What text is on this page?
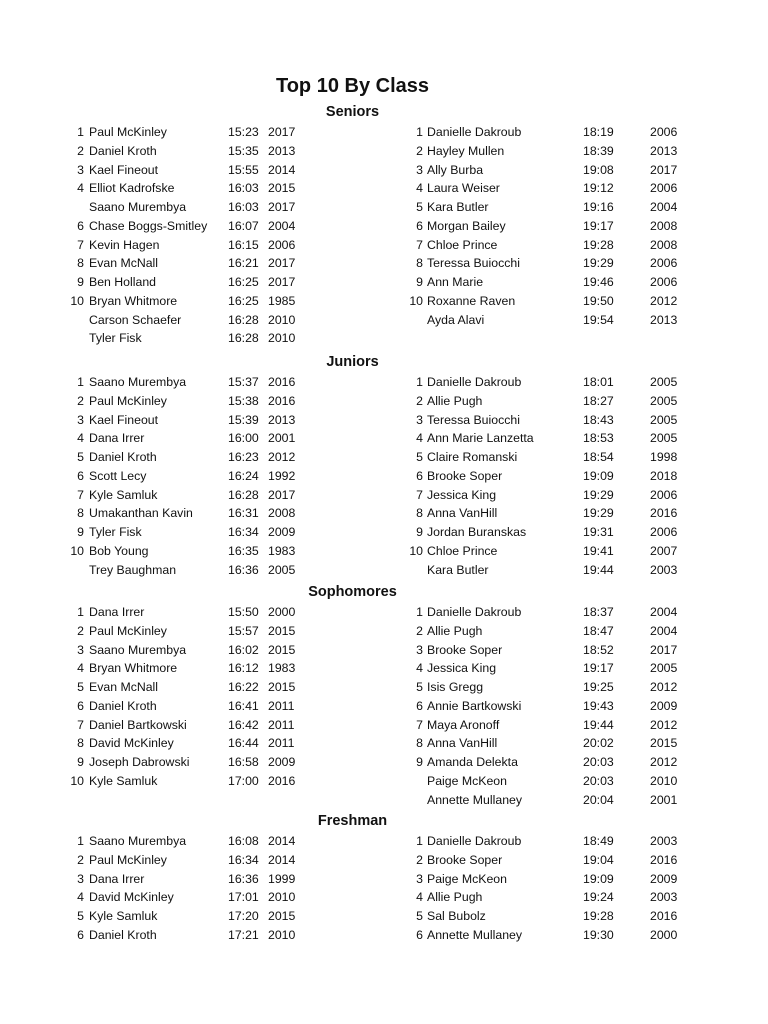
Top 10 By Class
Seniors
1 Paul McKinley	15:23 2017
2 Daniel Kroth	15:35 2013
3 Kael Fineout	15:55 2014
4 Elliot Kadrofske	16:03 2015
Saano Murembya	16:03 2017
6 Chase Boggs-Smitley 16:07 2004
7 Kevin Hagen	16:15 2006
8 Evan McNall	16:21 2017
9 Ben Holland	16:25 2017
10 Bryan Whitmore	16:25 1985
Carson Schaefer	16:28 2010
Tyler Fisk	16:28 2010
1 Danielle Dakroub	18:19	2006
2 Hayley Mullen	18:39	2013
3 Ally Burba	19:08	2017
4 Laura Weiser	19:12	2006
5 Kara Butler	19:16	2004
6 Morgan Bailey	19:17	2008
7 Chloe Prince	19:28	2008
8 Teressa Buiocchi	19:29	2006
9 Ann Marie	19:46	2006
10 Roxanne Raven	19:50	2012
Ayda Alavi	19:54	2013
Juniors
1 Saano Murembya	15:37 2016
2 Paul McKinley	15:38 2016
3 Kael Fineout	15:39 2013
4 Dana Irrer	16:00 2001
5 Daniel Kroth	16:23 2012
6 Scott Lecy	16:24 1992
7 Kyle Samluk	16:28 2017
8 Umakanthan Kavin	16:31 2008
9 Tyler Fisk	16:34 2009
10 Bob Young	16:35 1983
Trey Baughman	16:36 2005
1 Danielle Dakroub	18:01	2005
2 Allie Pugh	18:27	2005
3 Teressa Buiocchi	18:43	2005
4 Ann Marie Lanzetta	18:53	2005
5 Claire Romanski	18:54	1998
6 Brooke Soper	19:09	2018
7 Jessica King	19:29	2006
8 Anna VanHill	19:29	2016
9 Jordan Buranskas	19:31	2006
10 Chloe Prince	19:41	2007
Kara Butler	19:44	2003
Sophomores
1 Dana Irrer	15:50 2000
2 Paul McKinley	15:57 2015
3 Saano Murembya	16:02 2015
4 Bryan Whitmore	16:12 1983
5 Evan McNall	16:22 2015
6 Daniel Kroth	16:41 2011
7 Daniel Bartkowski	16:42 2011
8 David McKinley	16:44 2011
9 Joseph Dabrowski	16:58 2009
10 Kyle Samluk	17:00 2016
1 Danielle Dakroub	18:37	2004
2 Allie Pugh	18:47	2004
3 Brooke Soper	18:52	2017
4 Jessica King	19:17	2005
5 Isis Gregg	19:25	2012
6 Annie Bartkowski	19:43	2009
7 Maya Aronoff	19:44	2012
8 Anna VanHill	20:02	2015
9 Amanda Delekta	20:03	2012
Paige McKeon	20:03	2010
Annette Mullaney	20:04	2001
Freshman
1 Saano Murembya	16:08 2014
2 Paul McKinley	16:34 2014
3 Dana Irrer	16:36 1999
4 David McKinley	17:01 2010
5 Kyle Samluk	17:20 2015
6 Daniel Kroth	17:21 2010
1 Danielle Dakroub	18:49	2003
2 Brooke Soper	19:04	2016
3 Paige McKeon	19:09	2009
4 Allie Pugh	19:24	2003
5 Sal Bubolz	19:28	2016
6 Annette Mullaney	19:30	2000
